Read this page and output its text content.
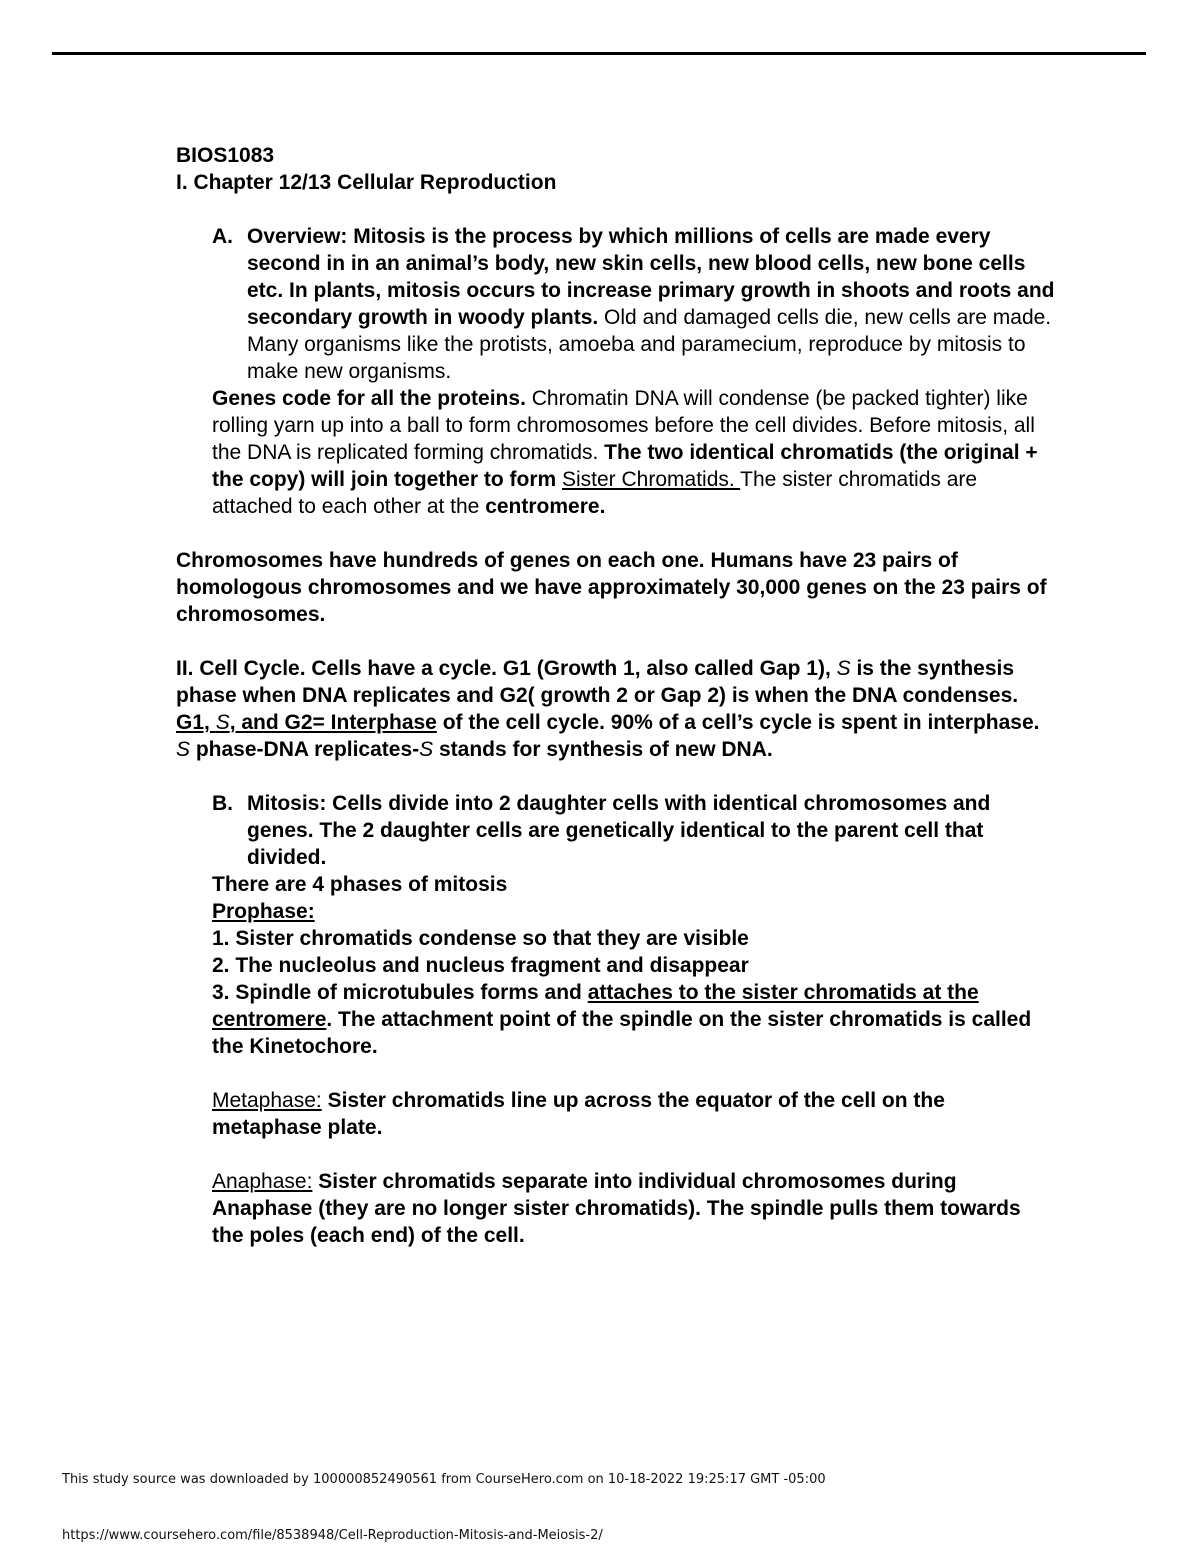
BIOS1083

I. Chapter 12/13 Cellular Reproduction

A. Overview: Mitosis is the process by which millions of cells are made every second in in an animal’s body, new skin cells, new blood cells, new bone cells etc. In plants, mitosis occurs to increase primary growth in shoots and roots and secondary growth in woody plants. Old and damaged cells die, new cells are made. Many organisms like the protists, amoeba and paramecium, reproduce by mitosis to make new organisms.

Genes code for all the proteins. Chromatin DNA will condense (be packed tighter) like rolling yarn up into a ball to form chromosomes before the cell divides. Before mitosis, all the DNA is replicated forming chromatids. The two identical chromatids (the original + the copy) will join together to form Sister Chromatids. The sister chromatids are attached to each other at the centromere.

Chromosomes have hundreds of genes on each one. Humans have 23 pairs of homologous chromosomes and we have approximately 30,000 genes on the 23 pairs of chromosomes.

II. Cell Cycle. Cells have a cycle. G1 (Growth 1, also called Gap 1), S is the synthesis phase when DNA replicates and G2( growth 2 or Gap 2) is when the DNA condenses.

G1, S, and G2= Interphase of the cell cycle. 90% of a cell’s cycle is spent in interphase.

S phase-DNA replicates-S stands for synthesis of new DNA.

B. Mitosis: Cells divide into 2 daughter cells with identical chromosomes and genes. The 2 daughter cells are genetically identical to the parent cell that divided.

There are 4 phases of mitosis

Prophase:

1. Sister chromatids condense so that they are visible

2. The nucleolus and nucleus fragment and disappear

3. Spindle of microtubules forms and attaches to the sister chromatids at the centromere. The attachment point of the spindle on the sister chromatids is called the Kinetochore.

Metaphase: Sister chromatids line up across the equator of the cell on the metaphase plate.

Anaphase: Sister chromatids separate into individual chromosomes during Anaphase (they are no longer sister chromatids). The spindle pulls them towards the poles (each end) of the cell.

This study source was downloaded by 100000852490561 from CourseHero.com on 10-18-2022 19:25:17 GMT -05:00
https://www.coursehero.com/file/8538948/Cell-Reproduction-Mitosis-and-Meiosis-2/
